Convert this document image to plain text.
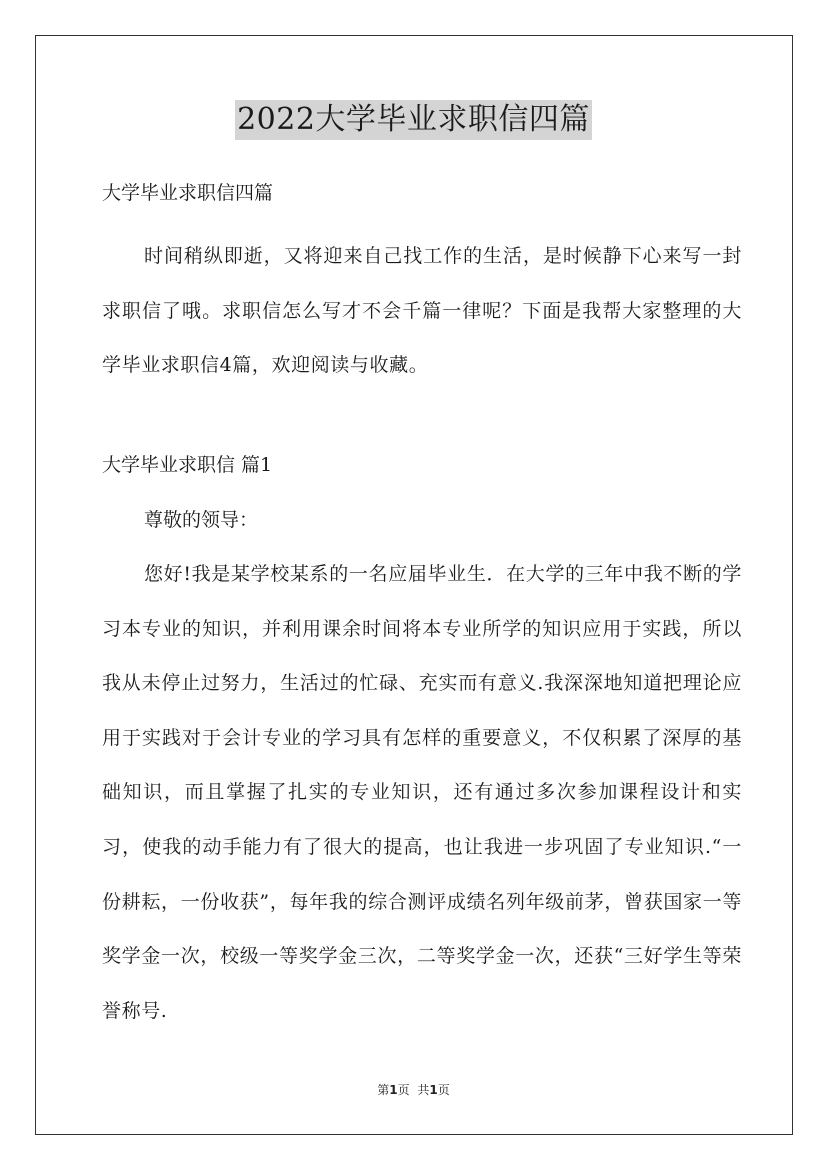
2022大学毕业求职信四篇
大学毕业求职信四篇
时间稍纵即逝，又将迎来自己找工作的生活，是时候静下心来写一封求职信了哦。求职信怎么写才不会千篇一律呢？下面是我帮大家整理的大学毕业求职信4篇，欢迎阅读与收藏。
大学毕业求职信 篇1
尊敬的领导：
您好!我是某学校某系的一名应届毕业生．在大学的三年中我不断的学习本专业的知识，并利用课余时间将本专业所学的知识应用于实践，所以我从未停止过努力，生活过的忙碌、充实而有意义.我深深地知道把理论应用于实践对于会计专业的学习具有怎样的重要意义，不仅积累了深厚的基础知识，而且掌握了扎实的专业知识，还有通过多次参加课程设计和实习，使我的动手能力有了很大的提高，也让我进一步巩固了专业知识.“一份耕耘，一份收获”，每年我的综合测评成绩名列年级前茅，曾获国家一等奖学金一次，校级一等奖学金三次，二等奖学金一次，还获“三好学生等荣誉称号.
第1页 共1页
